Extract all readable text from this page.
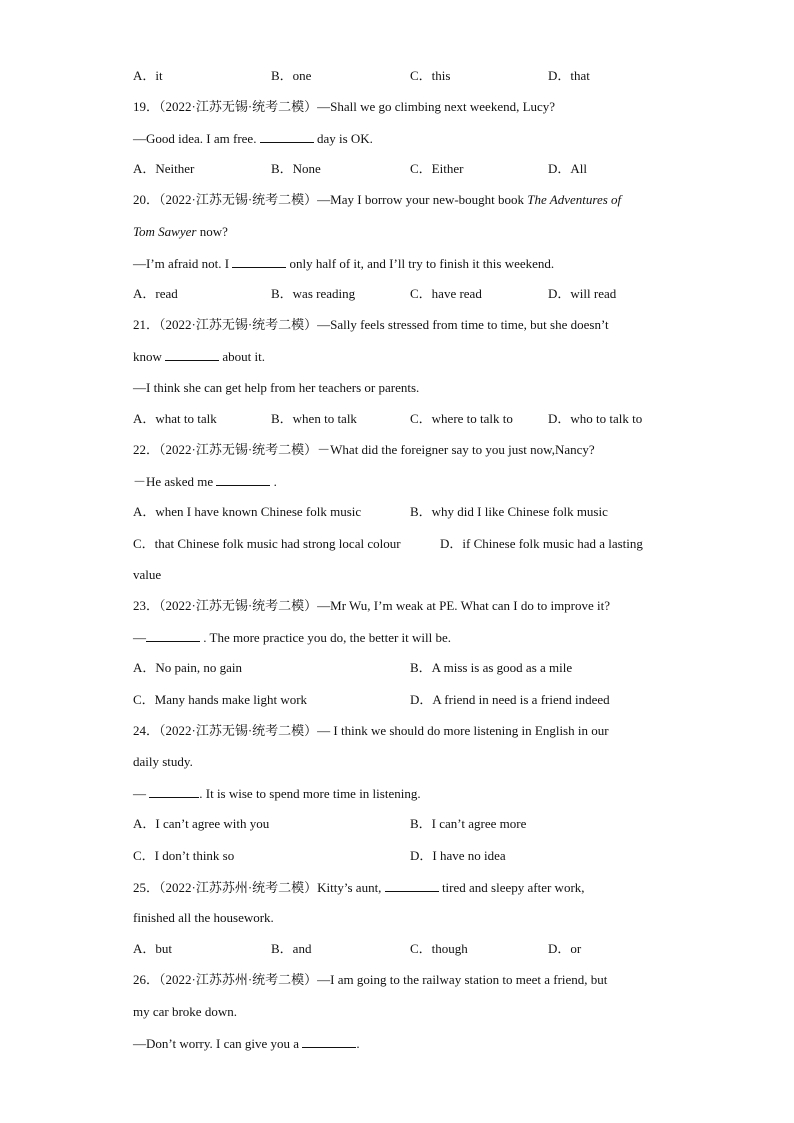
A．it	B．one	C．this	D．that
19．（2022·江苏无锡·统考二模）—Shall we go climbing next weekend, Lucy?
—Good idea. I am free.	day is OK.
A．Neither	B．None	C．Either	D．All
20．（2022·江苏无锡·统考二模）—May I borrow your new-bought book The Adventures of
Tom Sawyer now?
—I’m afraid not. I	only half of it, and I’ll try to finish it this weekend.
A．read	B．was reading	C．have read	D．will read
21．（2022·江苏无锡·统考二模）—Sally feels stressed from time to time, but she doesn’t
know	about it.
—I think she can get help from her teachers or parents.
A．what to talk	B．when to talk	C．where to talk to	D．who to talk to
22．（2022·江苏无锡·统考二模）－What did the foreigner say to you just now,Nancy?
－He asked me	.
A．when I have known Chinese folk music	B．why did I like Chinese folk music
C．that Chinese folk music had strong local colour	D．if Chinese folk music had a lasting
value
23．（2022·江苏无锡·统考二模）—Mr Wu, I’m weak at PE. What can I do to improve it?
—	. The more practice you do, the better it will be.
A．No pain, no gain	B．A miss is as good as a mile
C．Many hands make light work	D．A friend in need is a friend indeed
24．（2022·江苏无锡·统考二模）— I think we should do more listening in English in our
daily study.
—	. It is wise to spend more time in listening.
A．I can’t agree with you	B．I can’t agree more
C．I don’t think so	D．I have no idea
25．（2022·江苏苏州·统考二模）Kitty’s aunt,	tired and sleepy after work,
finished all the housework.
A．but	B．and	C．though	D．or
26．（2022·江苏苏州·统考二模）—I am going to the railway station to meet a friend, but
my car broke down.
—Don’t worry. I can give you a	.
